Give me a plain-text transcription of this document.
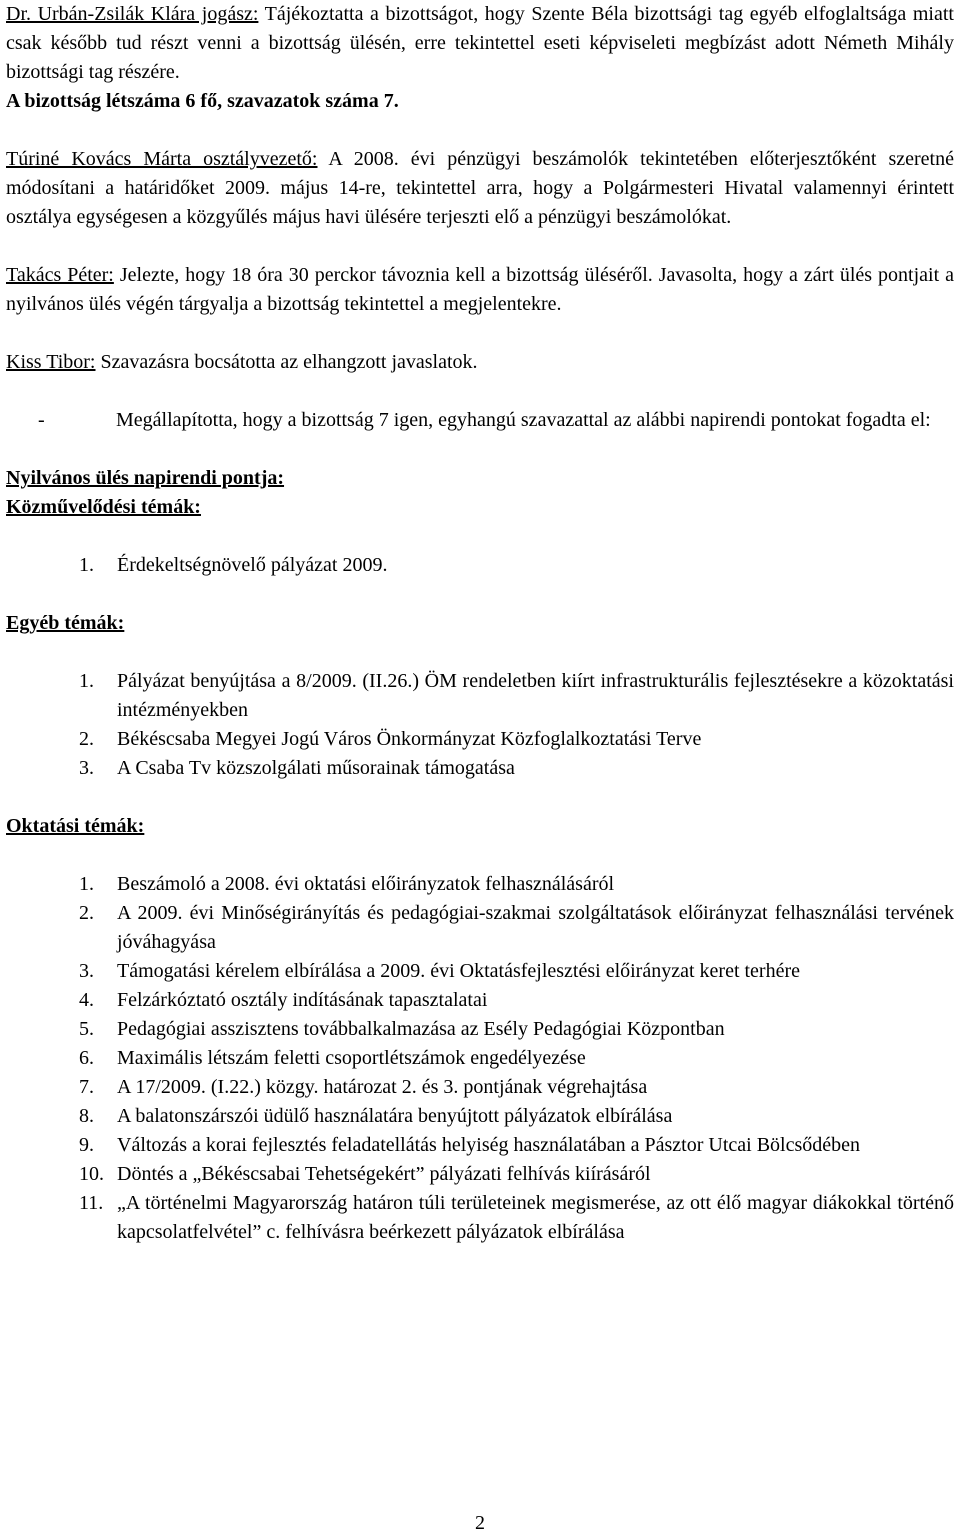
Dr. Urbán-Zsilák Klára jogász: Tájékoztatta a bizottságot, hogy Szente Béla bizottsági tag egyéb elfoglaltsága miatt csak később tud részt venni a bizottság ülésén, erre tekintettel eseti képviseleti megbízást adott Németh Mihály bizottsági tag részére.

A bizottság létszáma 6 fő, szavazatok száma 7.

Túriné Kovács Márta osztályvezető: A 2008. évi pénzügyi beszámolók tekintetében előterjesztőként szeretné módosítani a határidőket 2009. május 14-re, tekintettel arra, hogy a Polgármesteri Hivatal valamennyi érintett osztálya egységesen a közgyűlés május havi ülésére terjeszti elő a pénzügyi beszámolókat.

Takács Péter: Jelezte, hogy 18 óra 30 perckor távoznia kell a bizottság üléséről. Javasolta, hogy a zárt ülés pontjait a nyilvános ülés végén tárgyalja a bizottság tekintettel a megjelentekre.

Kiss Tibor: Szavazásra bocsátotta az elhangzott javaslatok.

-	Megállapította, hogy a bizottság 7 igen, egyhangú szavazattal az alábbi napirendi pontokat fogadta el:

Nyilvános ülés napirendi pontja:

Közművelődési témák:

1.	Érdekeltségnövelő pályázat 2009.

Egyéb témák:

1.	Pályázat benyújtása a 8/2009. (II.26.) ÖM rendeletben kiírt infrastrukturális fejlesztésekre a közoktatási intézményekben
2.	Békéscsaba Megyei Jogú Város Önkormányzat Közfoglalkoztatási Terve
3.	A Csaba Tv közszolgálati műsorainak támogatása

Oktatási témák:

1.	Beszámoló a 2008. évi oktatási előirányzatok felhasználásáról
2.	A 2009. évi Minőségirányítás és pedagógiai-szakmai szolgáltatások előirányzat felhasználási tervének jóváhagyása
3.	Támogatási kérelem elbírálása a 2009. évi Oktatásfejlesztési előirányzat keret terhére
4.	Felzárkóztató osztály indításának tapasztalatai
5.	Pedagógiai asszisztens továbbalkalmazása az Esély Pedagógiai Központban
6.	Maximális létszám feletti csoportlétszámok engedélyezése
7.	A 17/2009. (I.22.) közgy. határozat 2. és 3. pontjának végrehajtása
8.	A balatonszárszói üdülő használatára benyújtott pályázatok elbírálása
9.	Változás a korai fejlesztés feladatellátás helyiség használatában a Pásztor Utcai Bölcsődében
10. Döntés a „Békéscsabai Tehetségekért” pályázati felhívás kiírásáról
11. „A történelmi Magyarország határon túli területeinek megismerése, az ott élő magyar diákokkal történő kapcsolatfelvétel” c. felhívásra beérkezett pályázatok elbírálása
2
